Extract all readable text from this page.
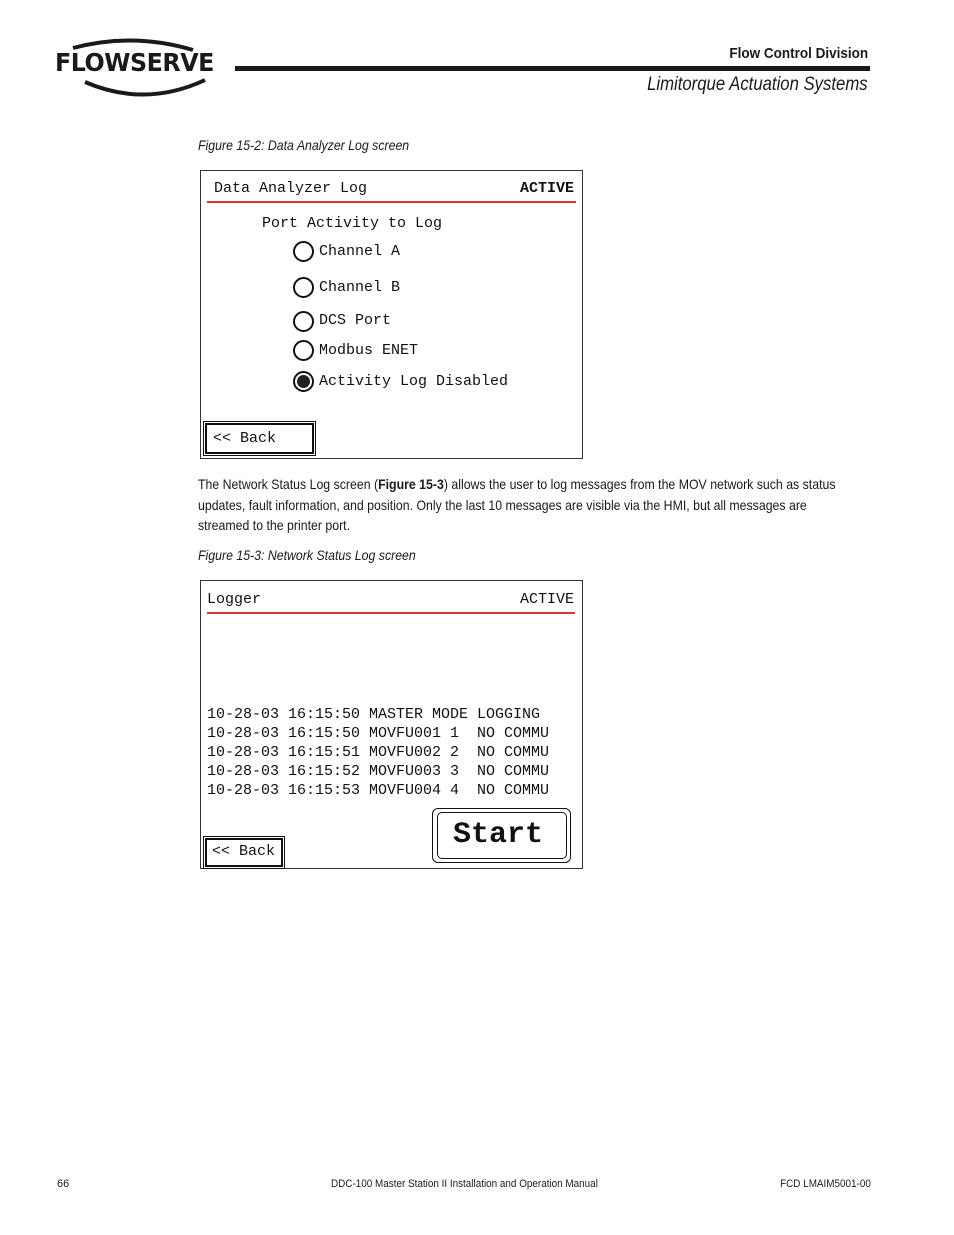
FLOWSERVE	Flow Control Division
Limitorque Actuation Systems
Figure 15-2: Data Analyzer Log screen
Data Analyzer Log	ACTIVE
Port Activity to Log
Channel A
Channel B
DCS Port
Modbus ENET
Activity Log Disabled
<< Back
The Network Status Log screen (Figure 15-3) allows the user to log messages from the MOV network such as status updates, fault information, and position. Only the last 10 messages are visible via the HMI, but all messages are streamed to the printer port.
Figure 15-3: Network Status Log screen
Logger	ACTIVE
10-28-03 16:15:50 MASTER MODE LOGGING
10-28-03 16:15:50 MOVFU001 1  NO COMMU
10-28-03 16:15:51 MOVFU002 2  NO COMMU
10-28-03 16:15:52 MOVFU003 3  NO COMMU
10-28-03 16:15:53 MOVFU004 4  NO COMMU
<< Back	Start
66	DDC-100 Master Station II Installation and Operation Manual	FCD LMAIM5001-00
